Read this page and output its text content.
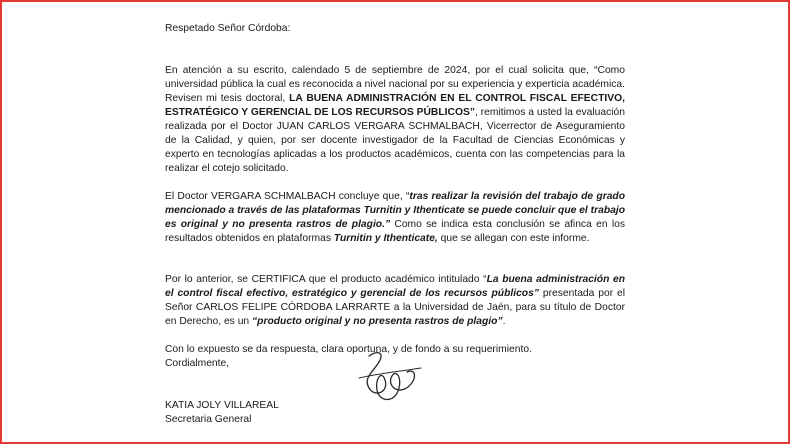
Respetado Señor Córdoba:

En atención a su escrito, calendado 5 de septiembre de 2024, por el cual solicita que, “Como universidad pública la cual es reconocida a nivel nacional por su experiencia y experticia académica. Revisen mi tesis doctoral, LA BUENA ADMINISTRACIÓN EN EL CONTROL FISCAL EFECTIVO, ESTRATÉGICO Y GERENCIAL DE LOS RECURSOS PÚBLICOS”, remitimos a usted la evaluación realizada por el Doctor JUAN CARLOS VERGARA SCHMALBACH, Vicerrector de Aseguramiento de la Calidad, y quien, por ser docente investigador de la Facultad de Ciencias Económicas y experto en tecnologías aplicadas a los productos académicos, cuenta con las competencias para la realizar el cotejo solicitado.

El Doctor VERGARA SCHMALBACH concluye que, “tras realizar la revisión del trabajo de grado mencionado a través de las plataformas Turnitin y Ithenticate se puede concluir que el trabajo es original y no presenta rastros de plagio.” Como se indica esta conclusión se afinca en los resultados obtenidos en plataformas Turnitin y Ithenticate, que se allegan con este informe.

Por lo anterior, se CERTIFICA que el producto académico intitulado “La buena administración en el control fiscal efectivo, estratégico y gerencial de los recursos públicos” presentada por el Señor CARLOS FELIPE CÓRDOBA LARRARTE a la Universidad de Jaén, para su título de Doctor en Derecho, es un “producto original y no presenta rastros de plagio”.

Con lo expuesto se da respuesta, clara oportuna, y de fondo a su requerimiento.

Cordialmente,
KATIA JOLY VILLAREAL
Secretaria General
